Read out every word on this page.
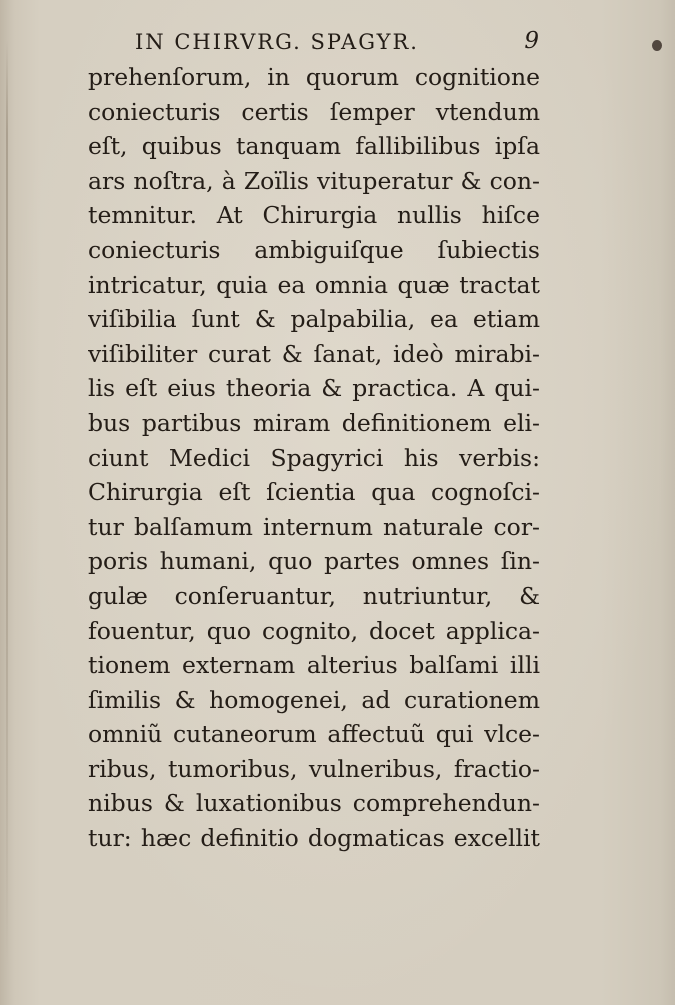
IN CHIRVRG. SPAGYR.	9
prehenſorum, in quorum cognitione
coniecturis certis ſemper vtendum
eſt, quibus tanquam fallibilibus ipſa
ars noſtra, à Zoïlis vituperatur & con-
temnitur. At Chirurgia nullis hiſce
coniecturis ambiguiſque ſubiectis
intricatur, quia ea omnia quæ tractat
viſibilia ſunt & palpabilia, ea etiam
viſibiliter curat & ſanat, ideò mirabi-
lis eſt eius theoria & practica. A qui-
bus partibus miram definitionem eli-
ciunt Medici Spagyrici his verbis:
Chirurgia eſt ſcientia qua cognoſci-
tur balſamum internum naturale cor-
poris humani, quo partes omnes ſin-
gulæ conſeruantur, nutriuntur, &
fouentur, quo cognito, docet applica-
tionem externam alterius balſami illi
ſimilis & homogenei, ad curationem
omniũ cutaneorum affectuũ qui vlce-
ribus, tumoribus, vulneribus, fractio-
nibus & luxationibus comprehendun-
tur: hæc definitio dogmaticas excellit
